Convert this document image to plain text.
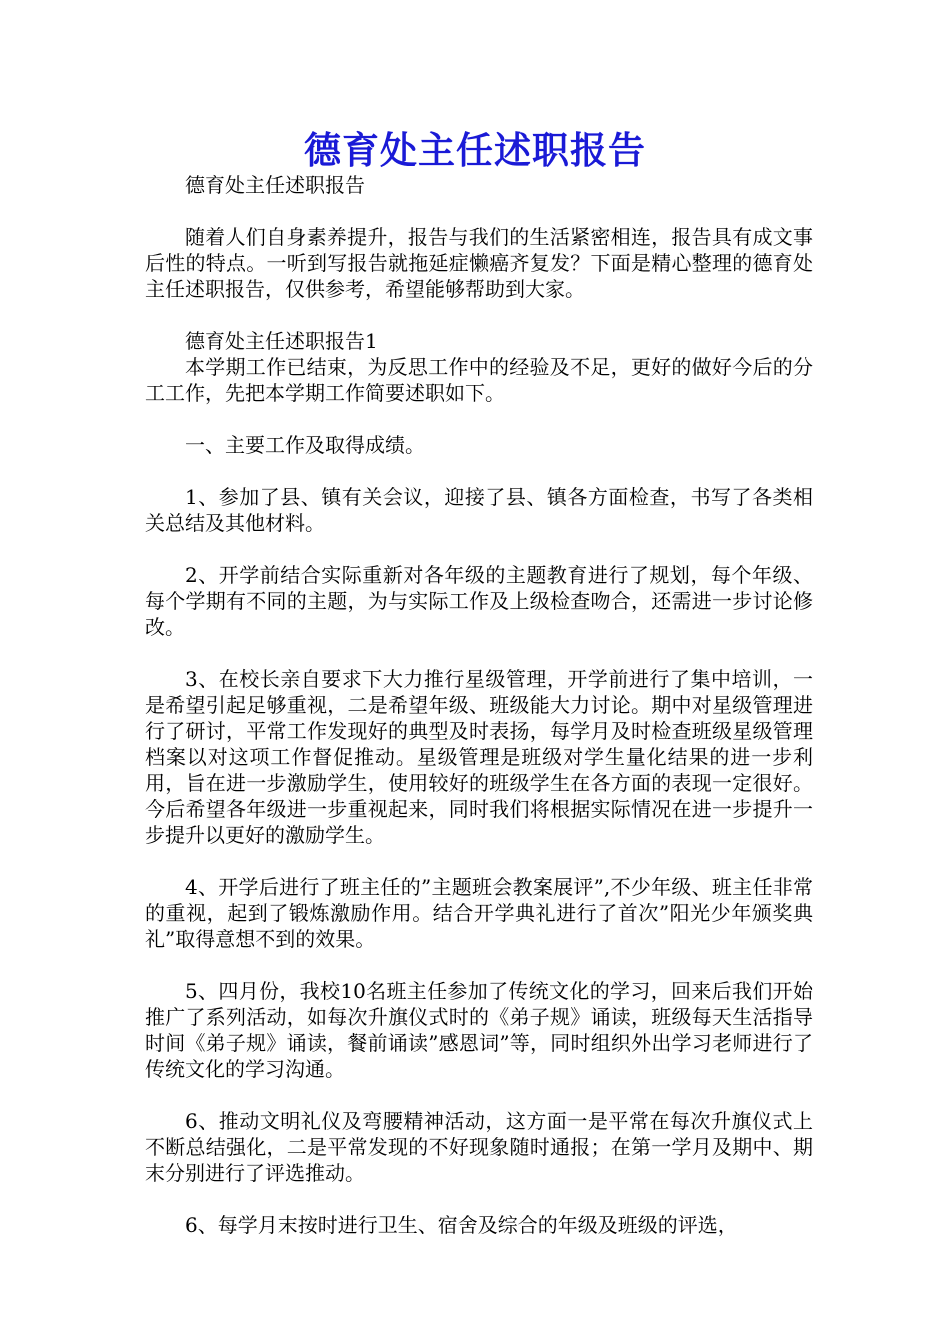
德育处主任述职报告

德育处主任述职报告

随着人们自身素养提升，报告与我们的生活紧密相连，报告具有成文事后性的特点。一听到写报告就拖延症懒癌齐复发？下面是精心整理的德育处主任述职报告，仅供参考，希望能够帮助到大家。

德育处主任述职报告1

本学期工作已结束，为反思工作中的经验及不足，更好的做好今后的分工工作，先把本学期工作简要述职如下。

一、主要工作及取得成绩。

1、参加了县、镇有关会议，迎接了县、镇各方面检查，书写了各类相关总结及其他材料。

2、开学前结合实际重新对各年级的主题教育进行了规划，每个年级、每个学期有不同的主题，为与实际工作及上级检查吻合，还需进一步讨论修改。

3、在校长亲自要求下大力推行星级管理，开学前进行了集中培训，一是希望引起足够重视，二是希望年级、班级能大力讨论。期中对星级管理进行了研讨，平常工作发现好的典型及时表扬，每学月及时检查班级星级管理档案以对这项工作督促推动。星级管理是班级对学生量化结果的进一步利用，旨在进一步激励学生，使用较好的班级学生在各方面的表现一定很好。今后希望各年级进一步重视起来，同时我们将根据实际情况在进一步提升一步提升以更好的激励学生。

4、开学后进行了班主任的”主题班会教案展评”,不少年级、班主任非常的重视，起到了锻炼激励作用。结合开学典礼进行了首次”阳光少年颁奖典礼”取得意想不到的效果。

5、四月份，我校10名班主任参加了传统文化的学习，回来后我们开始推广了系列活动，如每次升旗仪式时的《弟子规》诵读，班级每天生活指导时间《弟子规》诵读，餐前诵读”感恩词”等，同时组织外出学习老师进行了传统文化的学习沟通。

6、推动文明礼仪及弯腰精神活动，这方面一是平常在每次升旗仪式上不断总结强化，二是平常发现的不好现象随时通报；在第一学月及期中、期末分别进行了评选推动。

6、每学月末按时进行卫生、宿舍及综合的年级及班级的评选，
